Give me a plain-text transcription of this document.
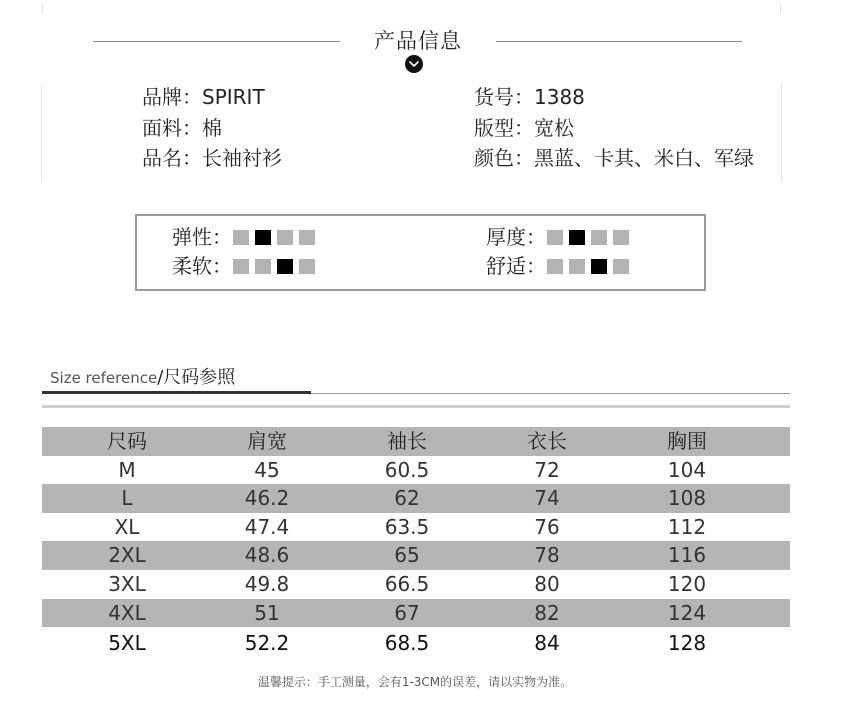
产品信息
品牌：SPIRIT
面料：棉
品名：长袖衬衫
货号：1388
版型：宽松
颜色：黑蓝、卡其、米白、军绿
弹性：	厚度：
柔软：	舒适：
Size reference/尺码参照
尺码	肩宽	袖长	衣长	胸围
M	45	60.5	72	104
L	46.2	62	74	108
XL	47.4	63.5	76	112
2XL	48.6	65	78	116
3XL	49.8	66.5	80	120
4XL	51	67	82	124
5XL	52.2	68.5	84	128
温馨提示：手工测量，会有1-3CM的误差，请以实物为准。
